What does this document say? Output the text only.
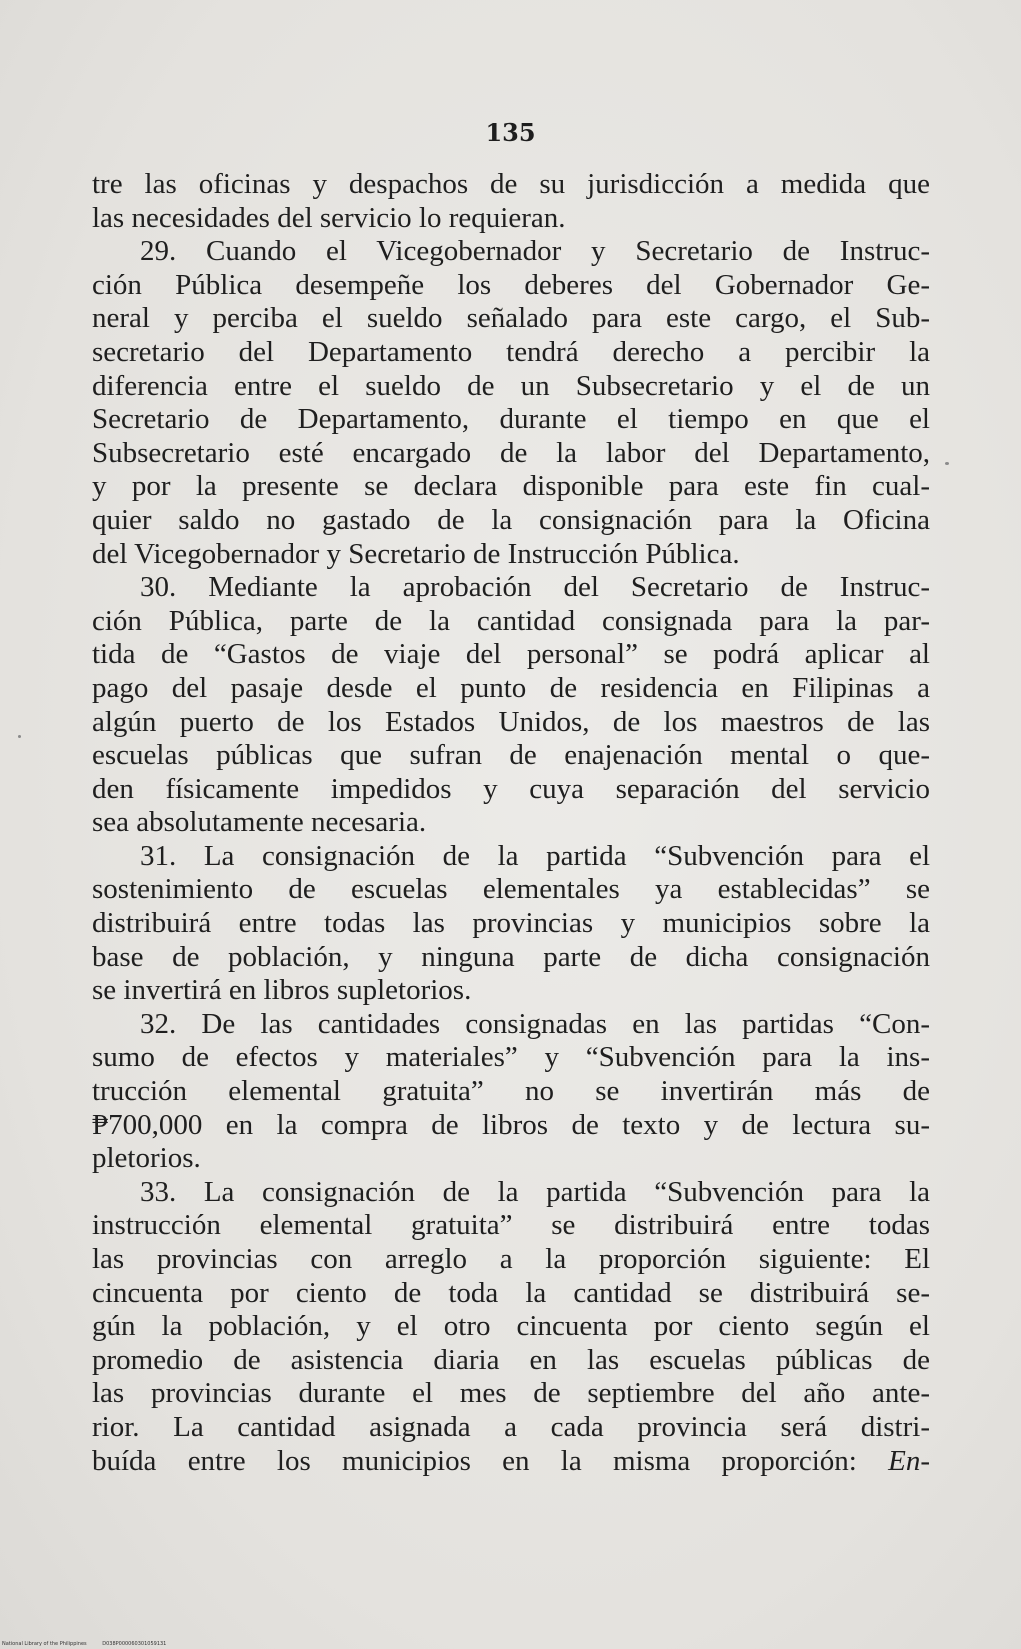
135
tre las oficinas y despachos de su jurisdicción a medida que
las necesidades del servicio lo requieran.
29. Cuando el Vicegobernador y Secretario de Instruc-
ción Pública desempeñe los deberes del Gobernador Ge-
neral y perciba el sueldo señalado para este cargo, el Sub-
secretario del Departamento tendrá derecho a percibir la
diferencia entre el sueldo de un Subsecretario y el de un
Secretario de Departamento, durante el tiempo en que el
Subsecretario esté encargado de la labor del Departamento,
y por la presente se declara disponible para este fin cual-
quier saldo no gastado de la consignación para la Oficina
del Vicegobernador y Secretario de Instrucción Pública.
30. Mediante la aprobación del Secretario de Instruc-
ción Pública, parte de la cantidad consignada para la par-
tida de “Gastos de viaje del personal” se podrá aplicar al
pago del pasaje desde el punto de residencia en Filipinas a
algún puerto de los Estados Unidos, de los maestros de las
escuelas públicas que sufran de enajenación mental o que-
den físicamente impedidos y cuya separación del servicio
sea absolutamente necesaria.
31. La consignación de la partida “Subvención para el
sostenimiento de escuelas elementales ya establecidas” se
distribuirá entre todas las provincias y municipios sobre la
base de población, y ninguna parte de dicha consignación
se invertirá en libros supletorios.
32. De las cantidades consignadas en las partidas “Con-
sumo de efectos y materiales” y “Subvención para la ins-
trucción elemental gratuita” no se invertirán más de
₱700,000 en la compra de libros de texto y de lectura su-
pletorios.
33. La consignación de la partida “Subvención para la
instrucción elemental gratuita” se distribuirá entre todas
las provincias con arreglo a la proporción siguiente: El
cincuenta por ciento de toda la cantidad se distribuirá se-
gún la población, y el otro cincuenta por ciento según el
promedio de asistencia diaria en las escuelas públicas de
las provincias durante el mes de septiembre del año ante-
rior. La cantidad asignada a cada provincia será distri-
buída entre los municipios en la misma proporción: En-
National Library of the Philippines	D038P000060301059131
